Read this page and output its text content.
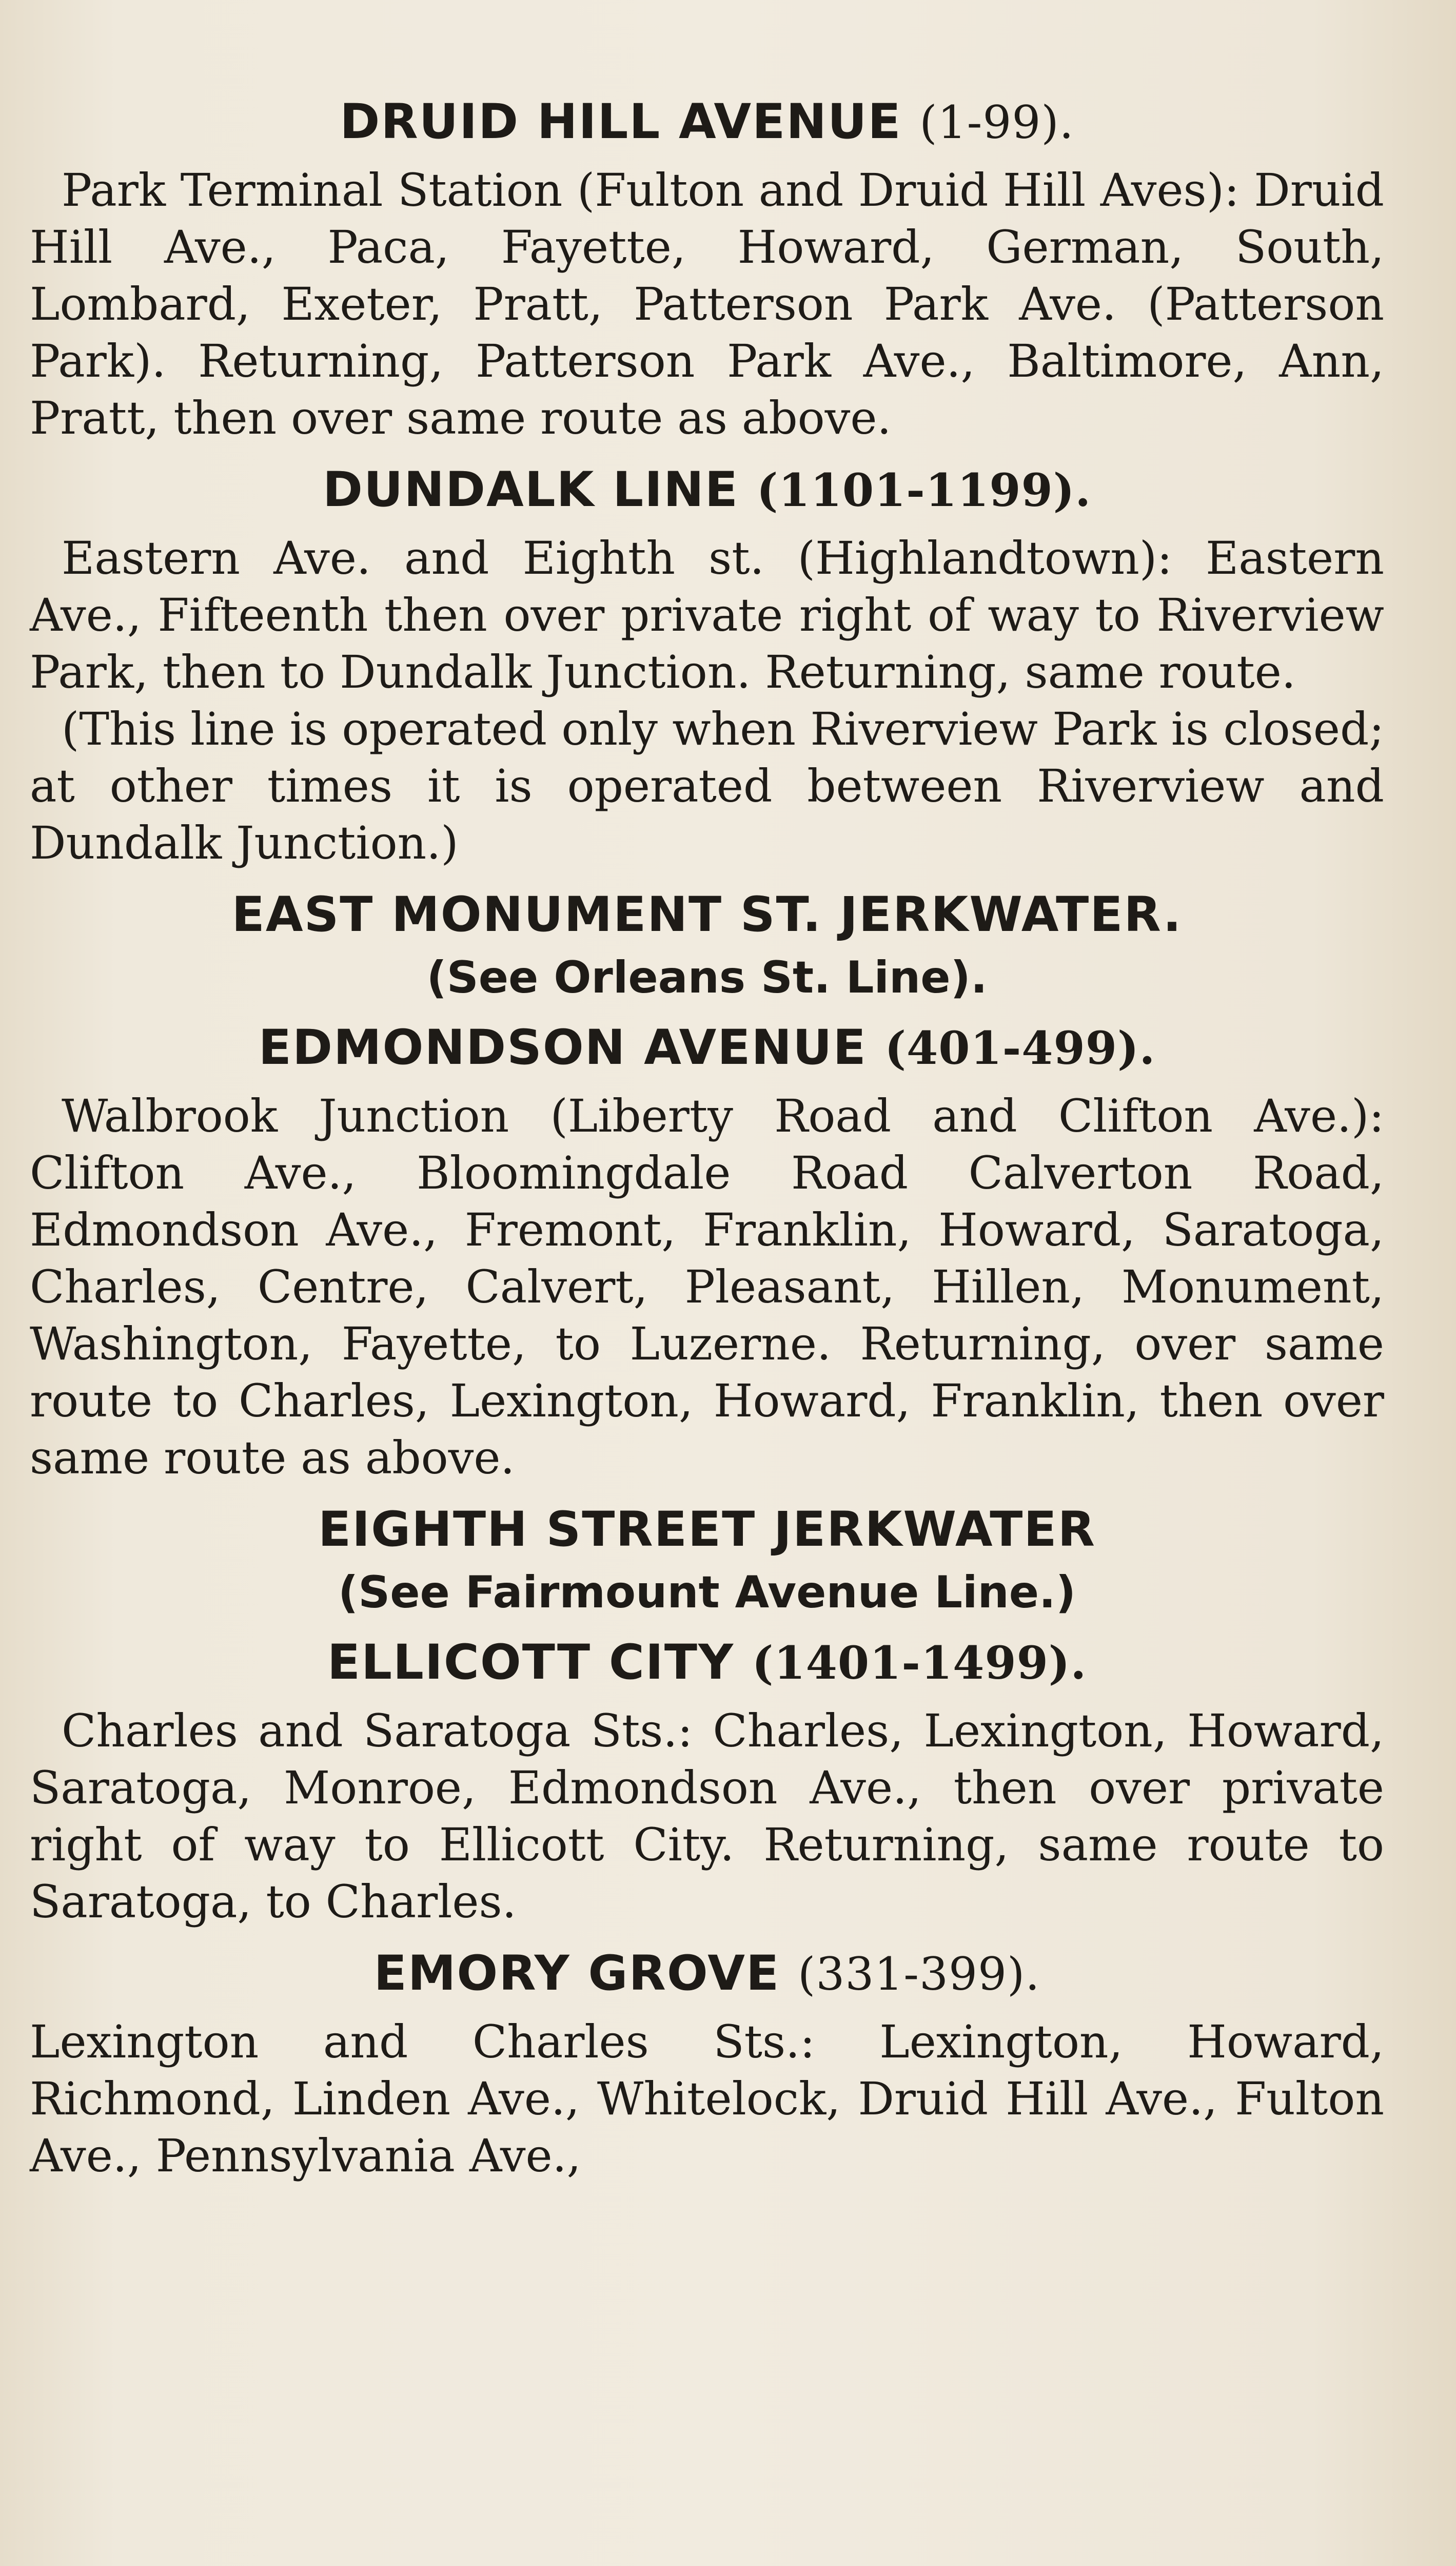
DRUID HILL AVENUE (1-99).

Park Terminal Station (Fulton and Druid Hill Aves): Druid Hill Ave., Paca, Fayette, Howard, German, South, Lombard, Exeter, Pratt, Patterson Park Ave. (Patterson Park). Returning, Patterson Park Ave., Baltimore, Ann, Pratt, then over same route as above.

DUNDALK LINE (1101-1199).

Eastern Ave. and Eighth st. (Highlandtown): Eastern Ave., Fifteenth then over private right of way to Riverview Park, then to Dundalk Junction. Returning, same route.

(This line is operated only when Riverview Park is closed; at other times it is operated between Riverview and Dundalk Junction.)

EAST MONUMENT ST. JERKWATER.
(See Orleans St. Line).
EDMONDSON AVENUE (401-499).

Walbrook Junction (Liberty Road and Clifton Ave.): Clifton Ave., Bloomingdale Road Calverton Road, Edmondson Ave., Fremont, Franklin, Howard, Saratoga, Charles, Centre, Calvert, Pleasant, Hillen, Monument, Washington, Fayette, to Luzerne. Returning, over same route to Charles, Lexington, Howard, Franklin, then over same route as above.

EIGHTH STREET JERKWATER
(See Fairmount Avenue Line.)
ELLICOTT CITY (1401-1499).

Charles and Saratoga Sts.: Charles, Lexington, Howard, Saratoga, Monroe, Edmondson Ave., then over private right of way to Ellicott City. Returning, same route to Saratoga, to Charles.

EMORY GROVE (331-399).

Lexington and Charles Sts.: Lexington, Howard, Richmond, Linden Ave., Whitelock, Druid Hill Ave., Fulton Ave., Pennsylvania Ave.,
